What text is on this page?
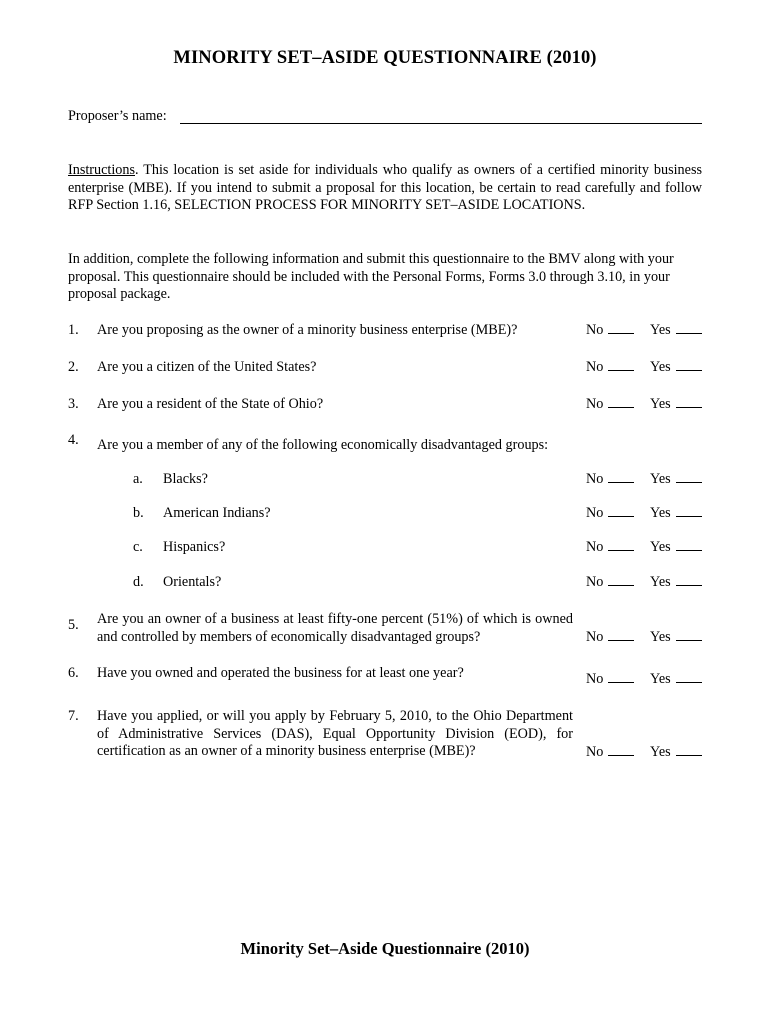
MINORITY SET–ASIDE QUESTIONNAIRE (2010)
Proposer’s name:
Instructions. This location is set aside for individuals who qualify as owners of a certified minority business enterprise (MBE). If you intend to submit a proposal for this location, be certain to read carefully and follow RFP Section 1.16, SELECTION PROCESS FOR MINORITY SET–ASIDE LOCATIONS.
In addition, complete the following information and submit this questionnaire to the BMV along with your proposal. This questionnaire should be included with the Personal Forms, Forms 3.0 through 3.10, in your proposal package.
1. Are you proposing as the owner of a minority business enterprise (MBE)?	No	Yes
2. Are you a citizen of the United States?	No	Yes
3. Are you a resident of the State of Ohio?	No	Yes
4. Are you a member of any of the following economically disadvantaged groups:
a. Blacks?	No	Yes
b. American Indians?	No	Yes
c. Hispanics?	No	Yes
d. Orientals?	No	Yes
5. Are you an owner of a business at least fifty-one percent (51%) of which is owned and controlled by members of economically disadvantaged groups?	No	Yes
6. Have you owned and operated the business for at least one year?	No	Yes
7. Have you applied, or will you apply by February 5, 2010, to the Ohio Department of Administrative Services (DAS), Equal Opportunity Division (EOD), for certification as an owner of a minority business enterprise (MBE)?	No	Yes
Minority Set–Aside Questionnaire (2010)
